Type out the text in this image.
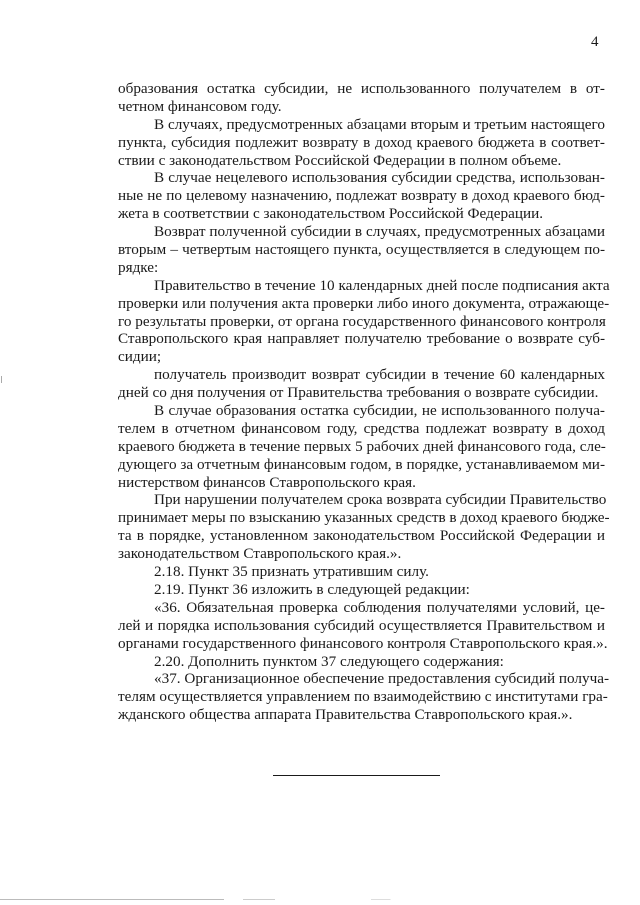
4
образования остатка субсидии, не использованного получателем в от-
четном финансовом году.
В случаях, предусмотренных абзацами вторым и третьим настоящего
пункта, субсидия подлежит возврату в доход краевого бюджета в соответ-
ствии с законодательством Российской Федерации в полном объеме.
В случае нецелевого использования субсидии средства, использован-
ные не по целевому назначению, подлежат возврату в доход краевого бюд-
жета в соответствии с законодательством Российской Федерации.
Возврат полученной субсидии в случаях, предусмотренных абзацами
вторым – четвертым настоящего пункта, осуществляется в следующем по-
рядке:
Правительство в течение 10 календарных дней после подписания акта
проверки или получения акта проверки либо иного документа, отражающе-
го результаты проверки, от органа государственного финансового контроля
Ставропольского края направляет получателю требование о возврате суб-
сидии;
получатель производит возврат субсидии в течение 60 календарных
дней со дня получения от Правительства требования о возврате субсидии.
В случае образования остатка субсидии, не использованного получа-
телем в отчетном финансовом году, средства подлежат возврату в доход
краевого бюджета в течение первых 5 рабочих дней финансового года, сле-
дующего за отчетным финансовым годом, в порядке, устанавливаемом ми-
нистерством финансов Ставропольского края.
При нарушении получателем срока возврата субсидии Правительство
принимает меры по взысканию указанных средств в доход краевого бюдже-
та в порядке, установленном законодательством Российской Федерации и
законодательством Ставропольского края.».
2.18. Пункт 35 признать утратившим силу.
2.19. Пункт 36 изложить в следующей редакции:
«36. Обязательная проверка соблюдения получателями условий, це-
лей и порядка использования субсидий осуществляется Правительством и
органами государственного финансового контроля Ставропольского края.».
2.20. Дополнить пунктом 37 следующего содержания:
«37. Организационное обеспечение предоставления субсидий получа-
телям осуществляется управлением по взаимодействию с институтами гра-
жданского общества аппарата Правительства Ставропольского края.».
